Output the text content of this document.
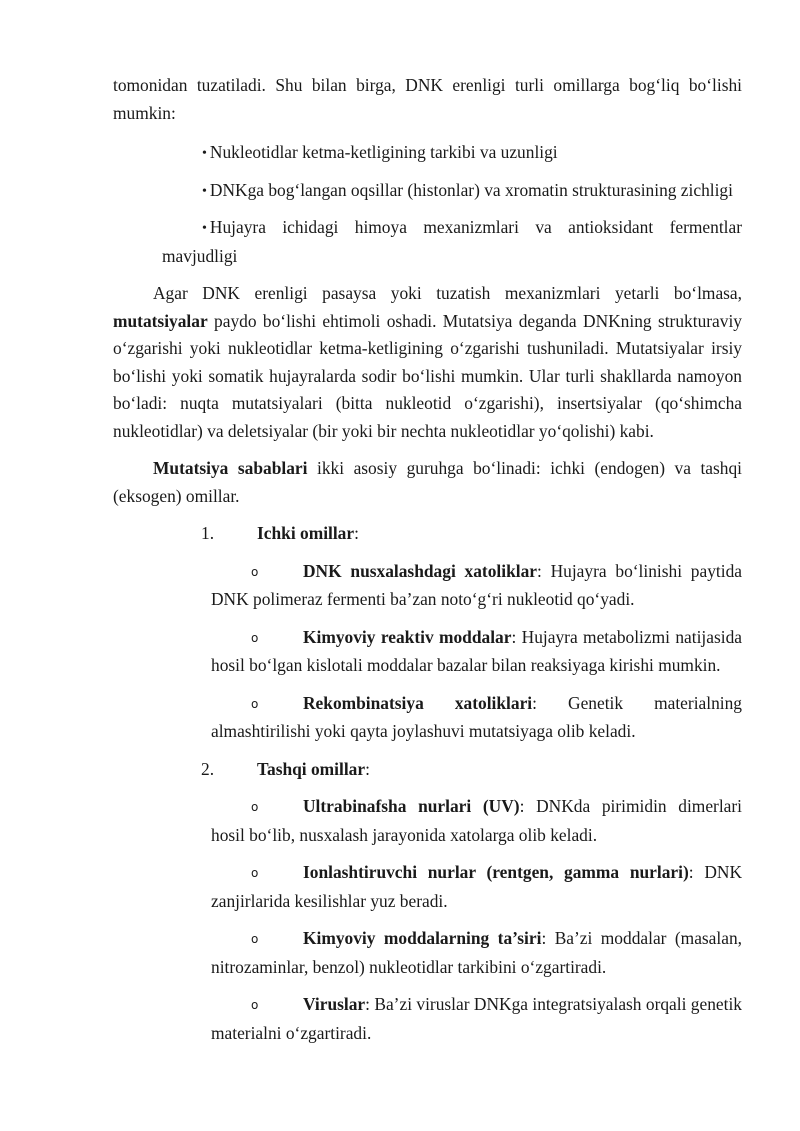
tomonidan tuzatiladi. Shu bilan birga, DNK erenligi turli omillarga bog‘liq bo‘lishi mumkin:

• Nukleotidlar ketma-ketligining tarkibi va uzunligi

• DNKga bog‘langan oqsillar (histonlar) va xromatin strukturasining zichligi

• Hujayra ichidagi himoya mexanizmlari va antioksidant fermentlar mavjudligi

Agar DNK erenligi pasaysa yoki tuzatish mexanizmlari yetarli bo‘lmasa, mutatsiyalar paydo bo‘lishi ehtimoli oshadi. Mutatsiya deganda DNKning strukturaviy o‘zgarishi yoki nukleotidlar ketma-ketligining o‘zgarishi tushuniladi. Mutatsiyalar irsiy bo‘lishi yoki somatik hujayralarda sodir bo‘lishi mumkin. Ular turli shakllarda namoyon bo‘ladi: nuqta mutatsiyalari (bitta nukleotid o‘zgarishi), insertsiyalar (qo‘shimcha nukleotidlar) va deletsiyalar (bir yoki bir nechta nukleotidlar yo‘qolishi) kabi.

Mutatsiya sabablari ikki asosiy guruhga bo‘linadi: ichki (endogen) va tashqi (eksogen) omillar.

1. Ichki omillar:

o	DNK nusxalashdagi xatoliklar: Hujayra bo‘linishi paytida DNK polimeraz fermenti ba’zan noto‘g‘ri nukleotid qo‘yadi.

o	Kimyoviy reaktiv moddalar: Hujayra metabolizmi natijasida hosil bo‘lgan kislotali moddalar bazalar bilan reaksiyaga kirishi mumkin.

o	Rekombinatsiya xatoliklari: Genetik materialning almashtirilishi yoki qayta joylashuvi mutatsiyaga olib keladi.

2. Tashqi omillar:

o	Ultrabinafsha nurlari (UV): DNKda pirimidin dimerlari hosil bo‘lib, nusxalash jarayonida xatolarga olib keladi.

o	Ionlashtiruvchi nurlar (rentgen, gamma nurlari): DNK zanjirlarida kesilishlar yuz beradi.

o	Kimyoviy moddalarning ta’siri: Ba’zi moddalar (masalan, nitrozaminlar, benzol) nukleotidlar tarkibini o‘zgartiradi.

o	Viruslar: Ba’zi viruslar DNKga integratsiyalash orqali genetik materialni o‘zgartiradi.
